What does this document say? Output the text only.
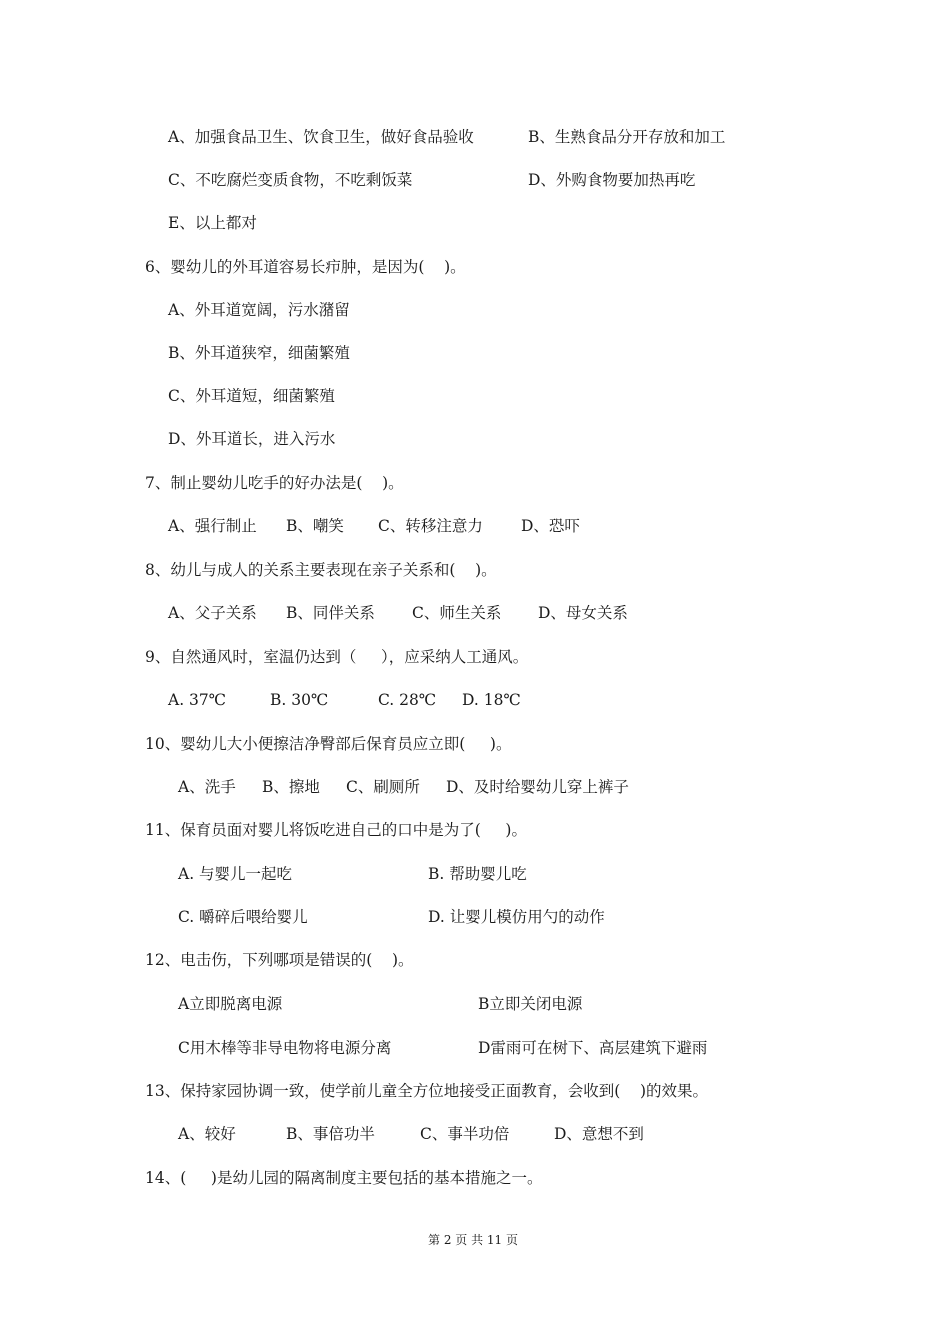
A、加强食品卫生、饮食卫生，做好食品验收	B、生熟食品分开存放和加工
C、不吃腐烂变质食物，不吃剩饭菜	D、外购食物要加热再吃
E、以上都对
6、婴幼儿的外耳道容易长疖肿，是因为(    )。
A、外耳道宽阔，污水潴留
B、外耳道狭窄，细菌繁殖
C、外耳道短，细菌繁殖
D、外耳道长，进入污水
7、制止婴幼儿吃手的好办法是(    )。
A、强行制止 B、嘲笑 C、转移注意力 D、恐吓
8、幼儿与成人的关系主要表现在亲子关系和(    )。
A、父子关系 B、同伴关系 C、师生关系 D、母女关系
9、自然通风时，室温仍达到（     ），应采纳人工通风。
A. 37℃	B. 30℃	C. 28℃ D. 18℃
10、婴幼儿大小便擦洁净臀部后保育员应立即(     )。
A、洗手 B、擦地 C、刷厕所 D、及时给婴幼儿穿上裤子
11、保育员面对婴儿将饭吃进自己的口中是为了(     )。
A. 与婴儿一起吃	B. 帮助婴儿吃
C. 嚼碎后喂给婴儿	D. 让婴儿模仿用勺的动作
12、电击伤，下列哪项是错误的(    )。
A立即脱离电源	B立即关闭电源
C用木棒等非导电物将电源分离	D雷雨可在树下、高层建筑下避雨
13、保持家园协调一致，使学前儿童全方位地接受正面教育，会收到(    )的效果。
A、较好	B、事倍功半	C、事半功倍	D、意想不到
14、(     )是幼儿园的隔离制度主要包括的基本措施之一。
第 2 页 共 11 页
